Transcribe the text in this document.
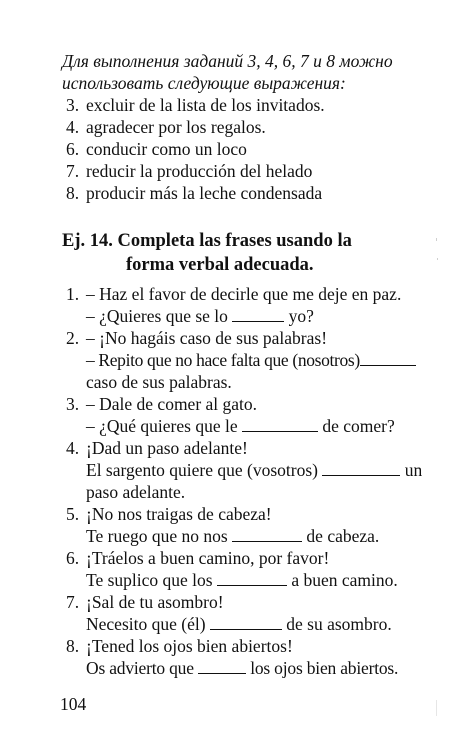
Для выполнения заданий 3, 4, 6, 7 и 8 можно
использовать следующие выражения:
3. excluir de la lista de los invitados.
4. agradecer por los regalos.
6. conducir como un loco
7. reducir la producción del helado
8. producir más la leche condensada
Ej. 14. Completa las frases usando la
forma verbal adecuada.
1. – Haz el favor de decirle que me deje en paz.
– ¿Quieres que se lo	yo?
2. – ¡No hagáis caso de sus palabras!
– Repito que no hace falta que (nosotros)
caso de sus palabras.
3. – Dale de comer al gato.
– ¿Qué quieres que le	de comer?
4. ¡Dad un paso adelante!
El sargento quiere que (vosotros)	un
paso adelante.
5. ¡No nos traigas de cabeza!
Te ruego que no nos	de cabeza.
6. ¡Tráelos a buen camino, por favor!
Te suplico que los	a buen camino.
7. ¡Sal de tu asombro!
Necesito que (él)	de su asombro.
8. ¡Tened los ojos bien abiertos!
Os advierto que	los ojos bien abiertos.
104
